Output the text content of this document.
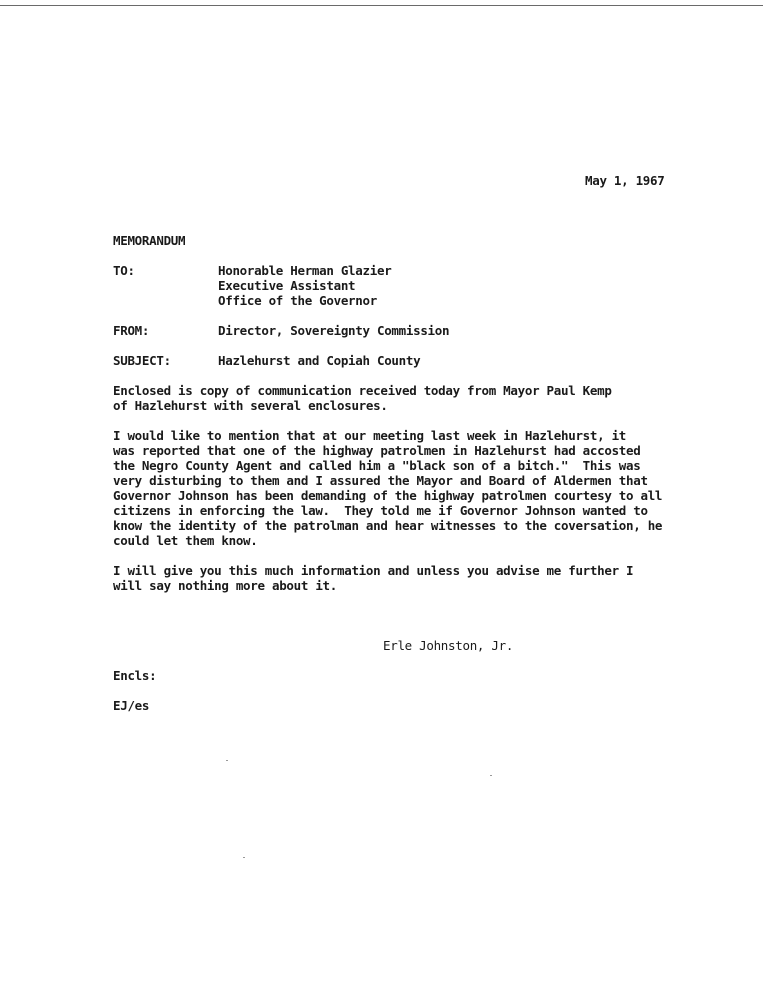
May 1, 1967
MEMORANDUM
TO:	Honorable Herman Glazier
Executive Assistant
Office of the Governor
FROM:	Director, Sovereignty Commission
SUBJECT:	Hazlehurst and Copiah County
Enclosed is copy of communication received today from Mayor Paul Kemp
of Hazlehurst with several enclosures.
I would like to mention that at our meeting last week in Hazlehurst, it
was reported that one of the highway patrolmen in Hazlehurst had accosted
the Negro County Agent and called him a "black son of a bitch."  This was
very disturbing to them and I assured the Mayor and Board of Aldermen that
Governor Johnson has been demanding of the highway patrolmen courtesy to all
citizens in enforcing the law.  They told me if Governor Johnson wanted to
know the identity of the patrolman and hear witnesses to the coversation, he
could let them know.
I will give you this much information and unless you advise me further I
will say nothing more about it.
Erle Johnston, Jr.
Encls:
EJ/es
